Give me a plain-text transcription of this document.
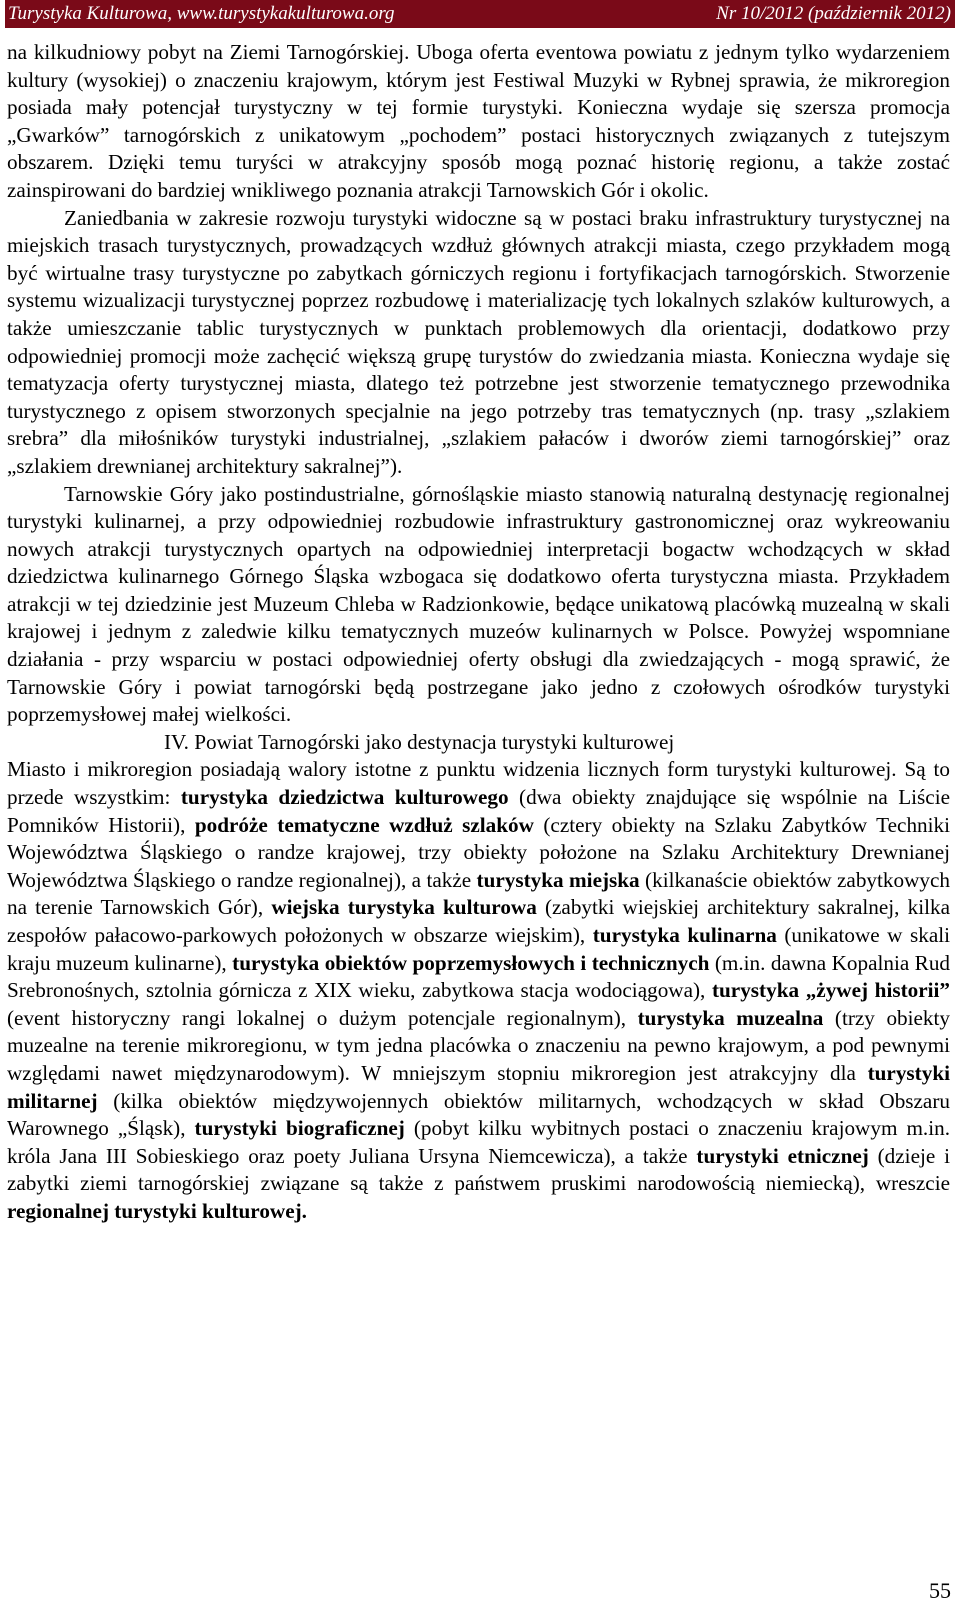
Turystyka Kulturowa, www.turystykakulturowa.org	Nr 10/2012 (październik 2012)

na kilkudniowy pobyt na Ziemi Tarnogórskiej. Uboga oferta eventowa powiatu z jednym tylko wydarzeniem kultury (wysokiej) o znaczeniu krajowym, którym jest Festiwal Muzyki w Rybnej sprawia, że mikroregion posiada mały potencjał turystyczny w tej formie turystyki. Konieczna wydaje się szersza promocja „Gwarków” tarnogórskich z unikatowym „pochodem” postaci historycznych związanych z tutejszym obszarem. Dzięki temu turyści w atrakcyjny sposób mogą poznać historię regionu, a także zostać zainspirowani do bardziej wnikliwego poznania atrakcji Tarnowskich Gór i okolic.

Zaniedbania w zakresie rozwoju turystyki widoczne są w postaci braku infrastruktury turystycznej na miejskich trasach turystycznych, prowadzących wzdłuż głównych atrakcji miasta, czego przykładem mogą być wirtualne trasy turystyczne po zabytkach górniczych regionu i fortyfikacjach tarnogórskich. Stworzenie systemu wizualizacji turystycznej poprzez rozbudowę i materializację tych lokalnych szlaków kulturowych, a także umieszczanie tablic turystycznych w punktach problemowych dla orientacji, dodatkowo przy odpowiedniej promocji może zachęcić większą grupę turystów do zwiedzania miasta. Konieczna wydaje się tematyzacja oferty turystycznej miasta, dlatego też potrzebne jest stworzenie tematycznego przewodnika turystycznego z opisem stworzonych specjalnie na jego potrzeby tras tematycznych (np. trasy „szlakiem srebra” dla miłośników turystyki industrialnej, „szlakiem pałaców i dworów ziemi tarnogórskiej” oraz „szlakiem drewnianej architektury sakralnej”).

Tarnowskie Góry jako postindustrialne, górnośląskie miasto stanowią naturalną destynację regionalnej turystyki kulinarnej, a przy odpowiedniej rozbudowie infrastruktury gastronomicznej oraz wykreowaniu nowych atrakcji turystycznych opartych na odpowiedniej interpretacji bogactw wchodzących w skład dziedzictwa kulinarnego Górnego Śląska wzbogaca się dodatkowo oferta turystyczna miasta. Przykładem atrakcji w tej dziedzinie jest Muzeum Chleba w Radzionkowie, będące unikatową placówką muzealną w skali krajowej i jednym z zaledwie kilku tematycznych muzeów kulinarnych w Polsce. Powyżej wspomniane działania - przy wsparciu w postaci odpowiedniej oferty obsługi dla zwiedzających - mogą sprawić, że Tarnowskie Góry i powiat tarnogórski będą postrzegane jako jedno z czołowych ośrodków turystyki poprzemysłowej małej wielkości.

IV. Powiat Tarnogórski jako destynacja turystyki kulturowej

Miasto i mikroregion posiadają walory istotne z punktu widzenia licznych form turystyki kulturowej. Są to przede wszystkim: turystyka dziedzictwa kulturowego (dwa obiekty znajdujące się wspólnie na Liście Pomników Historii), podróże tematyczne wzdłuż szlaków (cztery obiekty na Szlaku Zabytków Techniki Województwa Śląskiego o randze krajowej, trzy obiekty położone na Szlaku Architektury Drewnianej Województwa Śląskiego o randze regionalnej), a także turystyka miejska (kilkanaście obiektów zabytkowych na terenie Tarnowskich Gór), wiejska turystyka kulturowa (zabytki wiejskiej architektury sakralnej, kilka zespołów pałacowo-parkowych położonych w obszarze wiejskim), turystyka kulinarna (unikatowe w skali kraju muzeum kulinarne), turystyka obiektów poprzemysłowych i technicznych (m.in. dawna Kopalnia Rud Srebronośnych, sztolnia górnicza z XIX wieku, zabytkowa stacja wodociągowa), turystyka „żywej historii” (event historyczny rangi lokalnej o dużym potencjale regionalnym), turystyka muzealna (trzy obiekty muzealne na terenie mikroregionu, w tym jedna placówka o znaczeniu na pewno krajowym, a pod pewnymi względami nawet międzynarodowym). W mniejszym stopniu mikroregion jest atrakcyjny dla turystyki militarnej (kilka obiektów międzywojennych obiektów militarnych, wchodzących w skład Obszaru Warownego „Śląsk), turystyki biograficznej (pobyt kilku wybitnych postaci o znaczeniu krajowym m.in. króla Jana III Sobieskiego oraz poety Juliana Ursyna Niemcewicza), a także turystyki etnicznej (dzieje i zabytki ziemi tarnogórskiej związane są także z państwem pruskimi narodowością niemiecką), wreszcie regionalnej turystyki kulturowej.

55
